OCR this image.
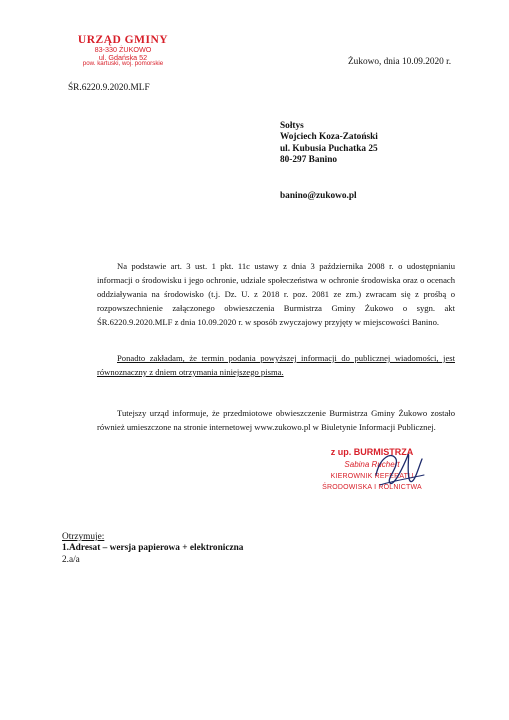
URZĄD GMINY
83-330 ŻUKOWO
ul. Gdańska 52
pow. kartuski, woj. pomorskie
ŚR.6220.9.2020.MLF
Żukowo, dnia 10.09.2020 r.
Sołtys
Wojciech Koza-Zatoński
ul. Kubusia Puchatka 25
80-297 Banino
banino@zukowo.pl

Na podstawie art. 3 ust. 1 pkt. 11c ustawy z dnia 3 października 2008 r. o udostępnianiu informacji o środowisku i jego ochronie, udziale społeczeństwa w ochronie środowiska oraz o ocenach oddziaływania na środowisko (t.j. Dz. U. z 2018 r. poz. 2081 ze zm.) zwracam się z prośbą o rozpowszechnienie załączonego obwieszczenia Burmistrza Gminy Żukowo o sygn. akt ŚR.6220.9.2020.MLF z dnia 10.09.2020 r. w sposób zwyczajowy przyjęty w miejscowości Banino.

Ponadto zakładam, że termin podania powyższej informacji do publicznej wiadomości, jest równoznaczny z dniem otrzymania niniejszego pisma.

Tutejszy urząd informuje, że przedmiotowe obwieszczenie Burmistrza Gminy Żukowo zostało również umieszczone na stronie internetowej www.zukowo.pl w Biuletynie Informacji Publicznej.

z up. BURMISTRZA
Sabina Ruchert
KIEROWNIK REFERATU
ŚRODOWISKA I ROLNICTWA
Otrzymuje:
1.Adresat – wersja papierowa + elektroniczna
2.a/a
